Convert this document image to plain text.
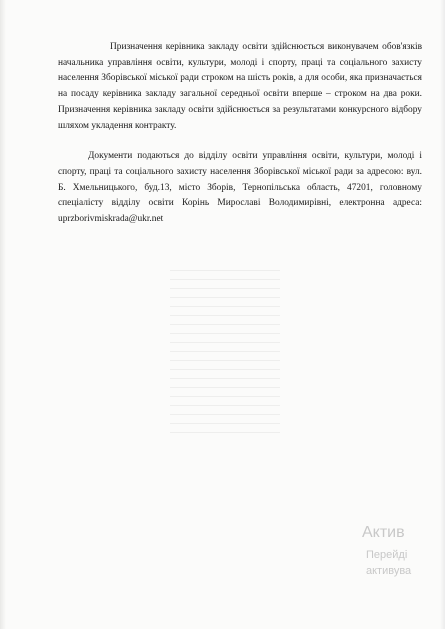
Призначення керівника закладу освіти здійснюється виконувачем обов'язків начальника управління освіти, культури, молоді і спорту, праці та соціального захисту населення Зборівської міської ради строком на шість років, а для особи, яка призначається на посаду керівника закладу загальної середньої освіти вперше – строком на два роки. Призначення керівника закладу освіти здійснюється за результатами конкурсного відбору шляхом укладення контракту.

Документи подаються до відділу освіти управління освіти, культури, молоді і спорту, праці та соціального захисту населення Зборівської міської ради за адресою: вул. Б. Хмельницького, буд.13, місто Зборів, Тернопільська область, 47201, головному спеціалісту відділу освіти Корінь Мирославі Володимирівні, електронна адреса: uprzborivmiskrada@ukr.net

Актив
Перейді
активува
